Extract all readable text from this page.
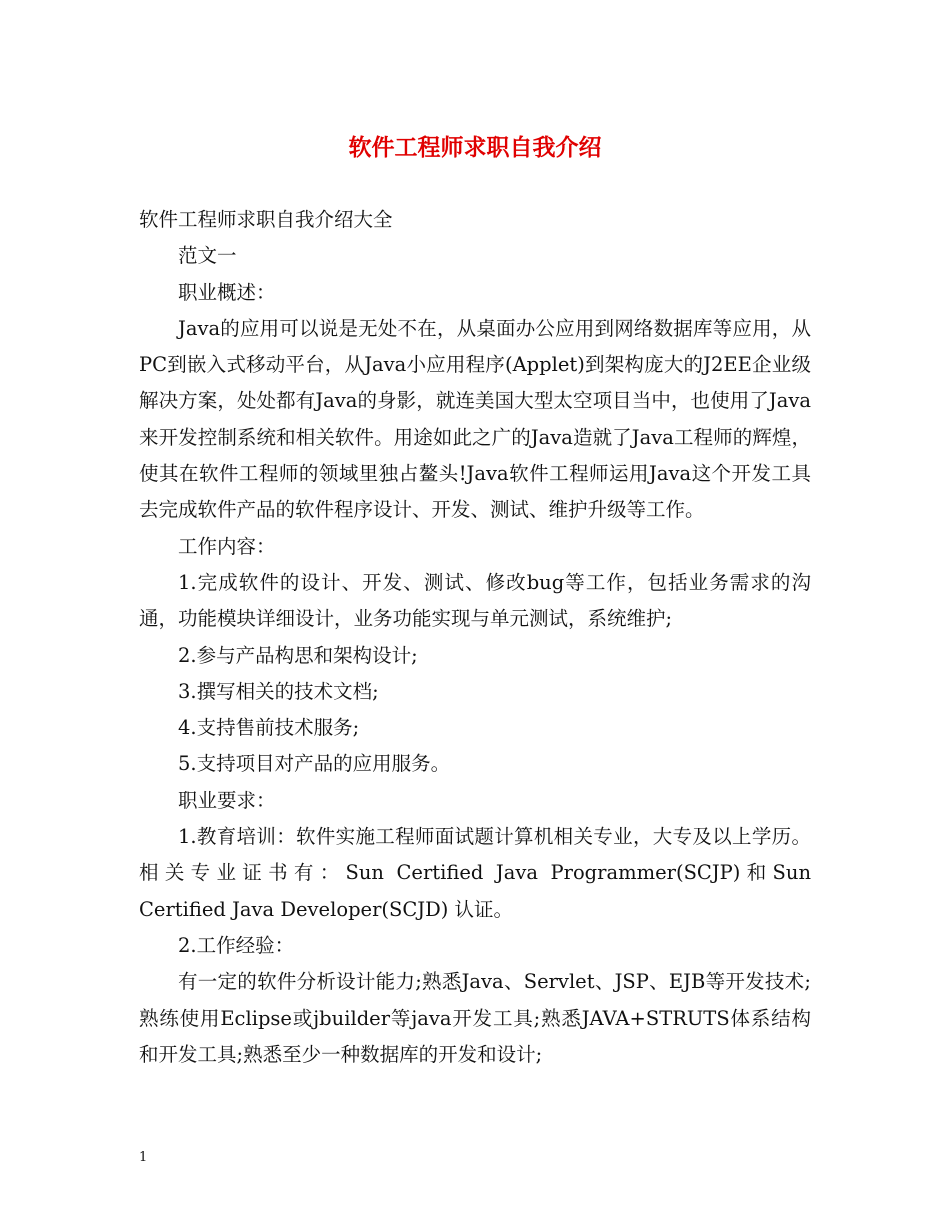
软件工程师求职自我介绍

软件工程师求职自我介绍大全

范文一

职业概述：

Java的应用可以说是无处不在，从桌面办公应用到网络数据库等应用，从PC到嵌入式移动平台，从Java小应用程序(Applet)到架构庞大的J2EE企业级解决方案，处处都有Java的身影，就连美国大型太空项目当中，也使用了Java来开发控制系统和相关软件。用途如此之广的Java造就了Java工程师的辉煌，使其在软件工程师的领域里独占鳌头!Java软件工程师运用Java这个开发工具去完成软件产品的软件程序设计、开发、测试、维护升级等工作。

工作内容：

1.完成软件的设计、开发、测试、修改bug等工作，包括业务需求的沟通，功能模块详细设计，业务功能实现与单元测试，系统维护;

2.参与产品构思和架构设计;

3.撰写相关的技术文档;

4.支持售前技术服务;

5.支持项目对产品的应用服务。

职业要求：

1.教育培训：软件实施工程师面试题计算机相关专业，大专及以上学历。相关专业证书有：Sun Certified Java Programmer(SCJP)和Sun Certified Java Developer(SCJD) 认证。

2.工作经验：

有一定的软件分析设计能力;熟悉Java、Servlet、JSP、EJB等开发技术;熟练使用Eclipse或jbuilder等java开发工具;熟悉JAVA+STRUTS体系结构和开发工具;熟悉至少一种数据库的开发和设计;

1
